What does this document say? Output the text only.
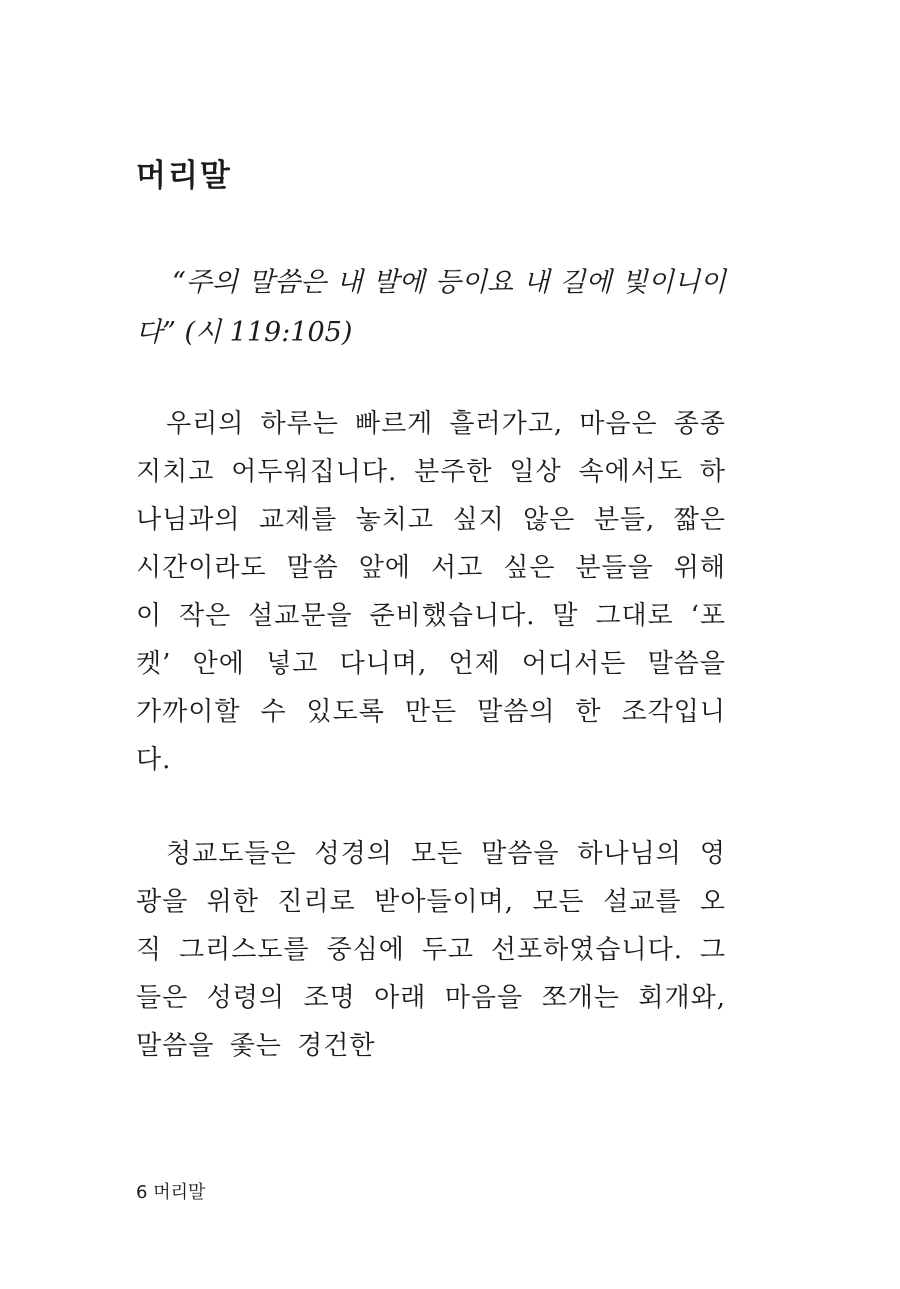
머리말

“주의 말씀은 내 발에 등이요 내 길에 빛이니이다” (시 119:105)

우리의 하루는 빠르게 흘러가고, 마음은 종종 지치고 어두워집니다. 분주한 일상 속에서도 하나님과의 교제를 놓치고 싶지 않은 분들, 짧은 시간이라도 말씀 앞에 서고 싶은 분들을 위해 이 작은 설교문을 준비했습니다. 말 그대로 ‘포켓’ 안에 넣고 다니며, 언제 어디서든 말씀을 가까이할 수 있도록 만든 말씀의 한 조각입니다.

청교도들은 성경의 모든 말씀을 하나님의 영광을 위한 진리로 받아들이며, 모든 설교를 오직 그리스도를 중심에 두고 선포하였습니다. 그들은 성령의 조명 아래 마음을 쪼개는 회개와, 말씀을 좇는 경건한

6 머리말
